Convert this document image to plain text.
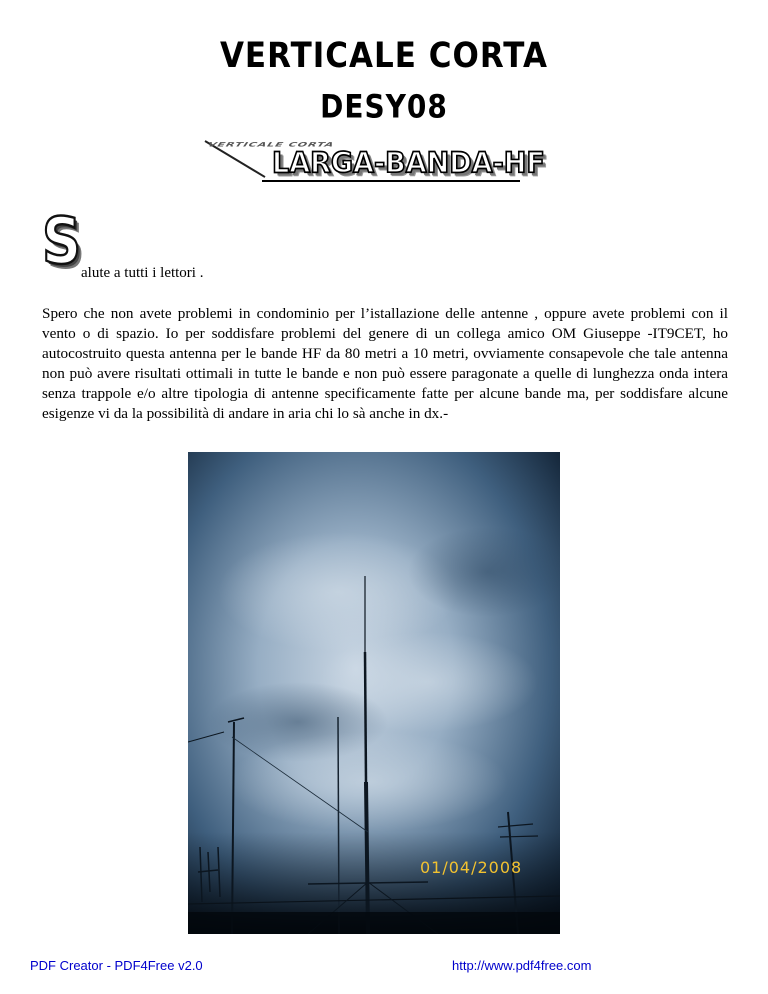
VERTICALE CORTA
DESY08
VERTICALE CORTA
LARGA-BANDA-HF
S alute a tutti i lettori .
Spero che non avete problemi in condominio per l’istallazione delle antenne , oppure avete problemi con il vento o di spazio. Io per soddisfare problemi del genere di un collega amico OM Giuseppe -IT9CET, ho autocostruito questa antenna per le bande HF da 80 metri a 10 metri, ovviamente consapevole che tale antenna non può avere risultati ottimali in tutte le bande e non può essere paragonate a quelle di lunghezza onda intera senza trappole e/o altre tipologia di antenne specificamente fatte per alcune bande ma, per soddisfare alcune esigenze vi da la possibilità di andare in aria chi lo sà anche in dx.-
01/04/2008
PDF Creator - PDF4Free v2.0	http://www.pdf4free.com
